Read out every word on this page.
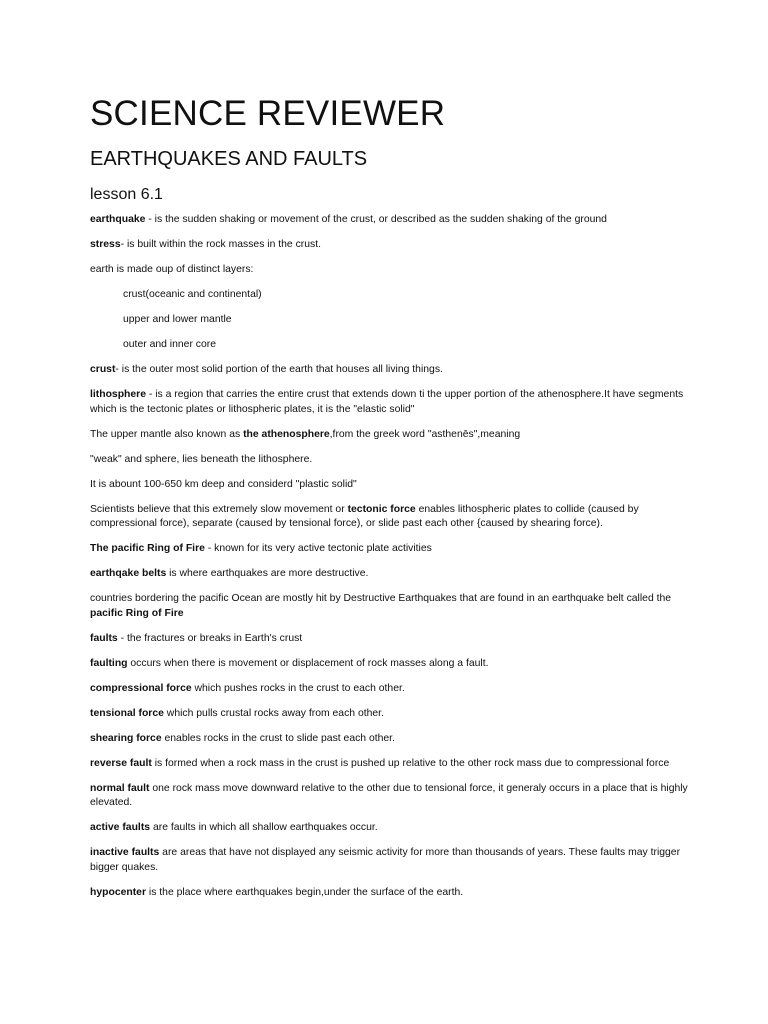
SCIENCE REVIEWER
EARTHQUAKES AND FAULTS
lesson 6.1
earthquake - is the sudden shaking or movement of the crust, or described as the sudden shaking of the ground
stress- is built within the rock masses in the crust.
earth is made oup of distinct layers:
crust(oceanic and continental)
upper and lower mantle
outer and inner core
crust- is the outer most solid portion of the earth that houses all living things.
lithosphere - is a region that carries the entire crust that extends down ti the upper portion of the athenosphere.It have segments which is the tectonic plates or lithospheric plates, it is the "elastic solid"
The upper mantle also known as the athenosphere,from the greek word "asthenēs",meaning
"weak" and sphere, lies beneath the lithosphere.
It is abount 100-650 km deep and considerd "plastic solid"
Scientists believe that this extremely slow movement or tectonic force enables lithospheric plates to collide (caused by compressional force), separate (caused by tensional force), or slide past each other {caused by shearing force).
The pacific Ring of Fire - known for its very active tectonic plate activities
earthqake belts is where earthquakes are more destructive.
countries bordering the pacific Ocean are mostly hit by Destructive Earthquakes that are found in an earthquake belt called the pacific Ring of Fire
faults - the fractures or breaks in Earth's crust
faulting occurs when there is movement or displacement of rock masses along a fault.
compressional force which pushes rocks in the crust to each other.
tensional force which pulls crustal rocks away from each other.
shearing force enables rocks in the crust to slide past each other.
reverse fault is formed when a rock mass in the crust is pushed up relative to the other rock mass due to compressional force
normal fault one rock mass move downward relative to the other due to tensional force, it generaly occurs in a place that is highly elevated.
active faults are faults in which all shallow earthquakes occur.
inactive faults are areas that have not displayed any seismic activity for more than thousands of years. These faults may trigger bigger quakes.
hypocenter is the place where earthquakes begin,under the surface of the earth.
